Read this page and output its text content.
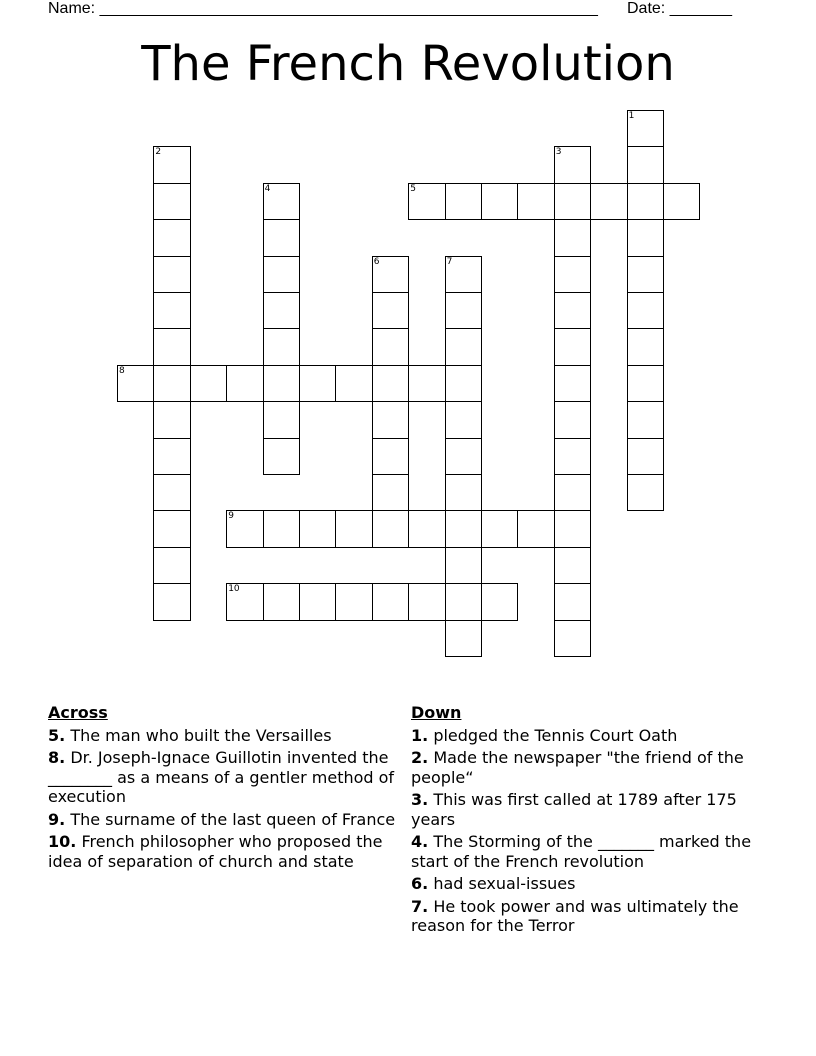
Name: ________________________________________________________ Date: _______
The French Revolution
1
2	3
4	5
6	7
8
9
10
Across
5. The man who built the Versailles
8. Dr. Joseph-Ignace Guillotin invented the ________ as a means of a gentler method of execution
9. The surname of the last queen of France
10. French philosopher who proposed the idea of separation of church and state
Down
1. pledged the Tennis Court Oath
2. Made the newspaper "the friend of the people“
3. This was first called at 1789 after 175 years
4. The Storming of the _______ marked the start of the French revolution
6. had sexual-issues
7. He took power and was ultimately the reason for the Terror
